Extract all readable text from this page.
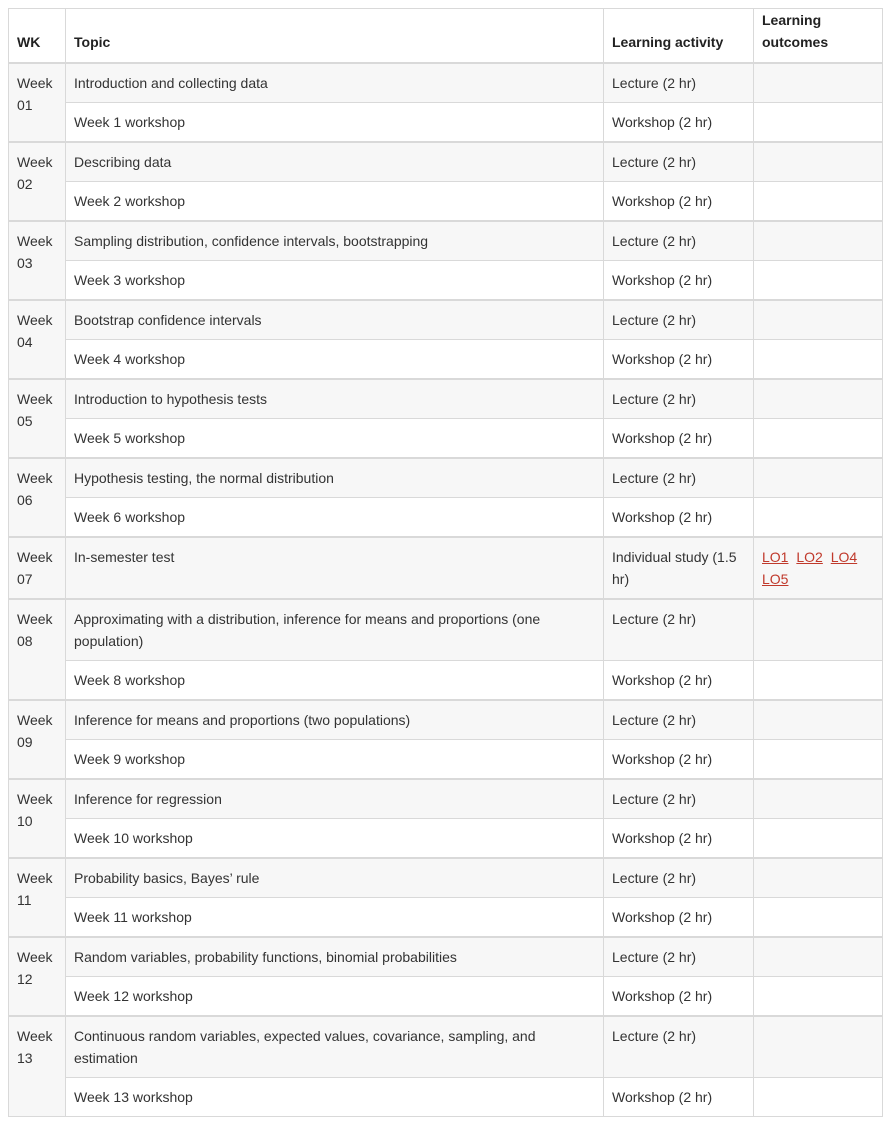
WK	Topic	Learning activity	Learning outcomes
Week 01	Introduction and collecting data	Lecture (2 hr)	
	Week 1 workshop	Workshop (2 hr)	
Week 02	Describing data	Lecture (2 hr)	
	Week 2 workshop	Workshop (2 hr)	
Week 03	Sampling distribution, confidence intervals, bootstrapping	Lecture (2 hr)	
	Week 3 workshop	Workshop (2 hr)	
Week 04	Bootstrap confidence intervals	Lecture (2 hr)	
	Week 4 workshop	Workshop (2 hr)	
Week 05	Introduction to hypothesis tests	Lecture (2 hr)	
	Week 5 workshop	Workshop (2 hr)	
Week 06	Hypothesis testing, the normal distribution	Lecture (2 hr)	
	Week 6 workshop	Workshop (2 hr)	
Week 07	In-semester test	Individual study (1.5 hr)	LO1 LO2 LO4 LO5
Week 08	Approximating with a distribution, inference for means and proportions (one population)	Lecture (2 hr)	
	Week 8 workshop	Workshop (2 hr)	
Week 09	Inference for means and proportions (two populations)	Lecture (2 hr)	
	Week 9 workshop	Workshop (2 hr)	
Week 10	Inference for regression	Lecture (2 hr)	
	Week 10 workshop	Workshop (2 hr)	
Week 11	Probability basics, Bayes’ rule	Lecture (2 hr)	
	Week 11 workshop	Workshop (2 hr)	
Week 12	Random variables, probability functions, binomial probabilities	Lecture (2 hr)	
	Week 12 workshop	Workshop (2 hr)	
Week 13	Continuous random variables, expected values, covariance, sampling, and estimation	Lecture (2 hr)	
	Week 13 workshop	Workshop (2 hr)	
